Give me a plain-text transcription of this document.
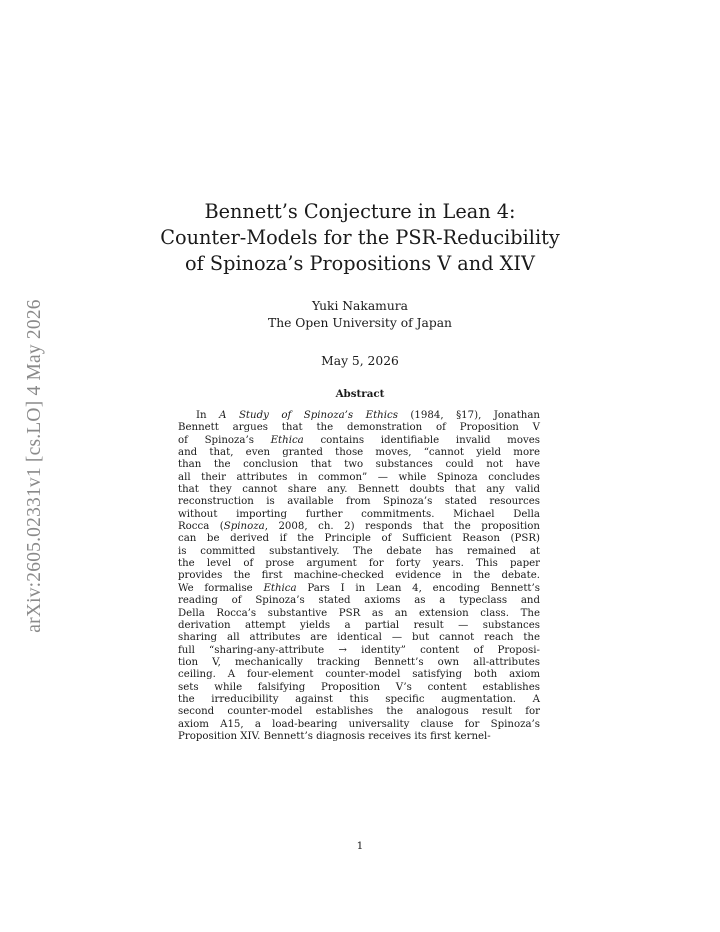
arXiv:2605.02331v1 [cs.LO] 4 May 2026
Bennett’s Conjecture in Lean 4:
Counter-Models for the PSR-Reducibility
of Spinoza’s Propositions V and XIV
Yuki Nakamura
The Open University of Japan
May 5, 2026
Abstract
In A Study of Spinoza’s Ethics (1984, §17), Jonathan
Bennett argues that the demonstration of Proposition V
of Spinoza’s Ethica contains identifiable invalid moves
and that, even granted those moves, “cannot yield more
than the conclusion that two substances could not have
all their attributes in common” — while Spinoza concludes
that they cannot share any. Bennett doubts that any valid
reconstruction is available from Spinoza’s stated resources
without importing further commitments. Michael Della
Rocca (Spinoza, 2008, ch. 2) responds that the proposition
can be derived if the Principle of Sufficient Reason (PSR)
is committed substantively. The debate has remained at
the level of prose argument for forty years. This paper
provides the first machine-checked evidence in the debate.
We formalise Ethica Pars I in Lean 4, encoding Bennett’s
reading of Spinoza’s stated axioms as a typeclass and
Della Rocca’s substantive PSR as an extension class. The
derivation attempt yields a partial result — substances
sharing all attributes are identical — but cannot reach the
full “sharing-any-attribute → identity” content of Proposi-
tion V, mechanically tracking Bennett’s own all-attributes
ceiling. A four-element counter-model satisfying both axiom
sets while falsifying Proposition V’s content establishes
the irreducibility against this specific augmentation. A
second counter-model establishes the analogous result for
axiom A15, a load-bearing universality clause for Spinoza’s
Proposition XIV. Bennett’s diagnosis receives its first kernel-
1
